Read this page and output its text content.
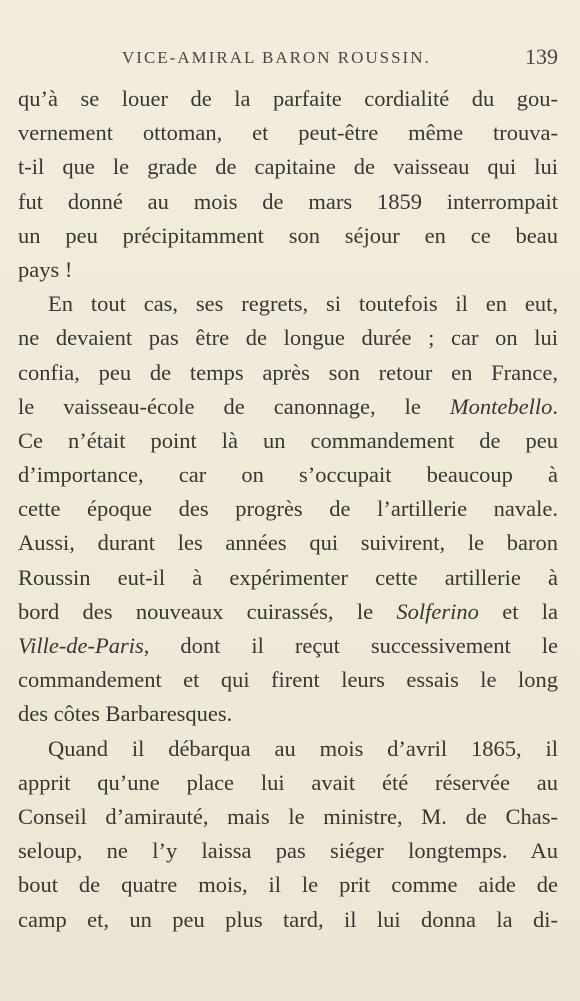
VICE-AMIRAL BARON ROUSSIN.	139
qu’à se louer de la parfaite cordialité du gou-
vernement ottoman, et peut-être même trouva-
t-il que le grade de capitaine de vaisseau qui lui
fut donné au mois de mars 1859 interrompait
un peu précipitamment son séjour en ce beau
pays !
En tout cas, ses regrets, si toutefois il en eut,
ne devaient pas être de longue durée ; car on lui
confia, peu de temps après son retour en France,
le vaisseau-école de canonnage, le Montebello.
Ce n’était point là un commandement de peu
d’importance, car on s’occupait beaucoup à
cette époque des progrès de l’artillerie navale.
Aussi, durant les années qui suivirent, le baron
Roussin eut-il à expérimenter cette artillerie à
bord des nouveaux cuirassés, le Solferino et la
Ville-de-Paris, dont il reçut successivement le
commandement et qui firent leurs essais le long
des côtes Barbaresques.
Quand il débarqua au mois d’avril 1865, il
apprit qu’une place lui avait été réservée au
Conseil d’amirauté, mais le ministre, M. de Chas-
seloup, ne l’y laissa pas siéger longtemps. Au
bout de quatre mois, il le prit comme aide de
camp et, un peu plus tard, il lui donna la di-
